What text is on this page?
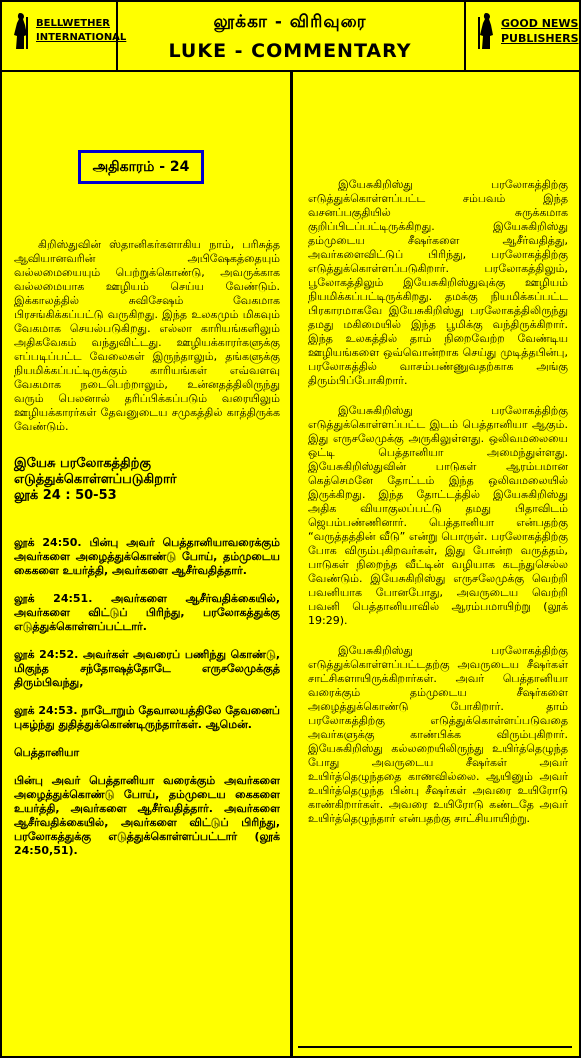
BELLWETHER
INTERNATIONAL
லூக்கா - விரிவுரை
LUKE - COMMENTARY
GOOD NEWS
PUBLISHERS
அதிகாரம் - 24

கிறிஸ்துவின் ஸ்தானிகர்களாகிய நாம், பரிசுத்த ஆவியானவரின் அபிஷேகத்தையும் வல்லமையையும் பெற்றுக்கொண்டு, அவருக்காக வல்லமையாக ஊழியம் செய்ய வேண்டும். இக்காலத்தில் சுவிசேஷம் வேகமாக பிரசங்கிக்கப்பட்டு வருகிறது. இந்த உலகமும் மிகவும் வேகமாக செயல்படுகிறது. எல்லா காரியங்களிலும் அதிகவேகம் வந்துவிட்டது. ஊழியக்காரர்களுக்கு எப்படிப்பட்ட வேலைகள் இருந்தாலும், தங்களுக்கு நியமிக்கப்பட்டிருக்கும் காரியங்கள் எவ்வளவு வேகமாக நடைபெற்றாலும், உன்னதத்திலிருந்து வரும் பெலனால் தரிப்பிக்கப்படும் வரையிலும் ஊழியக்காரர்கள் தேவனுடைய சமுகத்தில் காத்திருக்க வேண்டும்.

இயேசு பரலோகத்திற்கு
எடுத்துக்கொள்ளப்படுகிறார்
லூக் 24 : 50-53

லூக் 24:50. பின்பு அவர் பெத்தானியாவரைக்கும் அவர்களை அழைத்துக்கொண்டு போய், தம்முடைய கைகளை உயர்த்தி, அவர்களை ஆசீர்வதித்தார்.

லூக் 24:51. அவர்களை ஆசீர்வதிக்கையில், அவர்களை விட்டுப் பிரிந்து, பரலோகத்துக்கு எடுத்துக்கொள்ளப்பட்டார்.

லூக் 24:52. அவர்கள் அவரைப் பணிந்து கொண்டு, மிகுந்த சந்தோஷத்தோடே எருசலேமுக்குத் திரும்பிவந்து,

லூக் 24:53. நாடோறும் தேவாலயத்திலே தேவனைப் புகழ்ந்து துதித்துக்கொண்டிருந்தார்கள். ஆமென்.

பெத்தானியா

பின்பு அவர் பெத்தானியா வரைக்கும் அவர்களை அழைத்துக்கொண்டு போய், தம்முடைய கைகளை உயர்த்தி, அவர்களை ஆசீர்வதித்தார். அவர்களை ஆசீர்வதிக்கையில், அவர்களை விட்டுப் பிரிந்து, பரலோகத்துக்கு எடுத்துக்கொள்ளப்பட்டார் (லூக் 24:50,51).

இயேசுகிறிஸ்து பரலோகத்திற்கு எடுத்துக்கொள்ளப்பட்ட சம்பவம் இந்த வசனப்பகுதியில் சுருக்கமாக குறிப்பிடப்பட்டிருக்கிறது. இயேசுகிறிஸ்து தம்முடைய சீஷர்களை ஆசீர்வதித்து, அவர்களைவிட்டுப் பிரிந்து, பரலோகத்திற்கு எடுத்துக்கொள்ளப்படுகிறார். பரலோகத்திலும், பூலோகத்திலும் இயேசுகிறிஸ்துவுக்கு ஊழியம் நியமிக்கப்பட்டிருக்கிறது. தமக்கு நியமிக்கப்பட்ட பிரகாரமாகவே இயேசுகிறிஸ்து பரலோகத்திலிருந்து தமது மகிமையில் இந்த பூமிக்கு வந்திருக்கிறார். இந்த உலகத்தில் தாம் நிறைவேற்ற வேண்டிய ஊழியங்களை ஒவ்வொன்றாக செய்து முடித்தபின்பு, பரலோகத்தில் வாசம்பண்ணுவதற்காக அங்கு திரும்பிப்போகிறார்.

இயேசுகிறிஸ்து பரலோகத்திற்கு எடுத்துக்கொள்ளப்பட்ட இடம் பெத்தானியா ஆகும். இது எருசலேமுக்கு அருகிலுள்ளது. ஒலிவமலையை ஒட்டி பெத்தானியா அமைந்துள்ளது. இயேசுகிறிஸ்துவின் பாடுகள் ஆரம்பமான கெத்செமனே தோட்டம் இந்த ஒலிவமலையில் இருக்கிறது. இந்த தோட்டத்தில் இயேசுகிறிஸ்து அதிக வியாகுலப்பட்டு தமது பிதாவிடம் ஜெபம்பண்ணினார். பெத்தானியா என்பதற்கு “வருத்தத்தின் வீடு” என்று பொருள். பரலோகத்திற்கு போக விரும்புகிறவர்கள், இது போன்ற வருத்தம், பாடுகள் நிறைந்த வீட்டின் வழியாக கடந்துசெல்ல வேண்டும். இயேசுகிறிஸ்து எருசலேமுக்கு வெற்றி பவனியாக போனபோது, அவருடைய வெற்றி பவனி பெத்தானியாவில் ஆரம்பமாயிற்று (லூக் 19:29).

இயேசுகிறிஸ்து பரலோகத்திற்கு எடுத்துக்கொள்ளப்பட்டதற்கு அவருடைய சீஷர்கள் சாட்சிகளாயிருக்கிறார்கள். அவர் பெத்தானியா வரைக்கும் தம்முடைய சீஷர்களை அழைத்துக்கொண்டு போகிறார். தாம் பரலோகத்திற்கு எடுத்துக்கொள்ளப்படுவதை அவர்களுக்கு காண்பிக்க விரும்புகிறார். இயேசுகிறிஸ்து கல்லறையிலிருந்து உயிர்த்தெழுந்த போது அவருடைய சீஷர்கள் அவர் உயிர்த்தெழுந்ததை காணவில்லை. ஆயினும் அவர் உயிர்த்தெழுந்த பின்பு சீஷர்கள் அவரை உயிரோடு காண்கிறார்கள். அவரை உயிரோடு கண்டதே அவர் உயிர்த்தெழுந்தார் என்பதற்கு சாட்சியாயிற்று.
